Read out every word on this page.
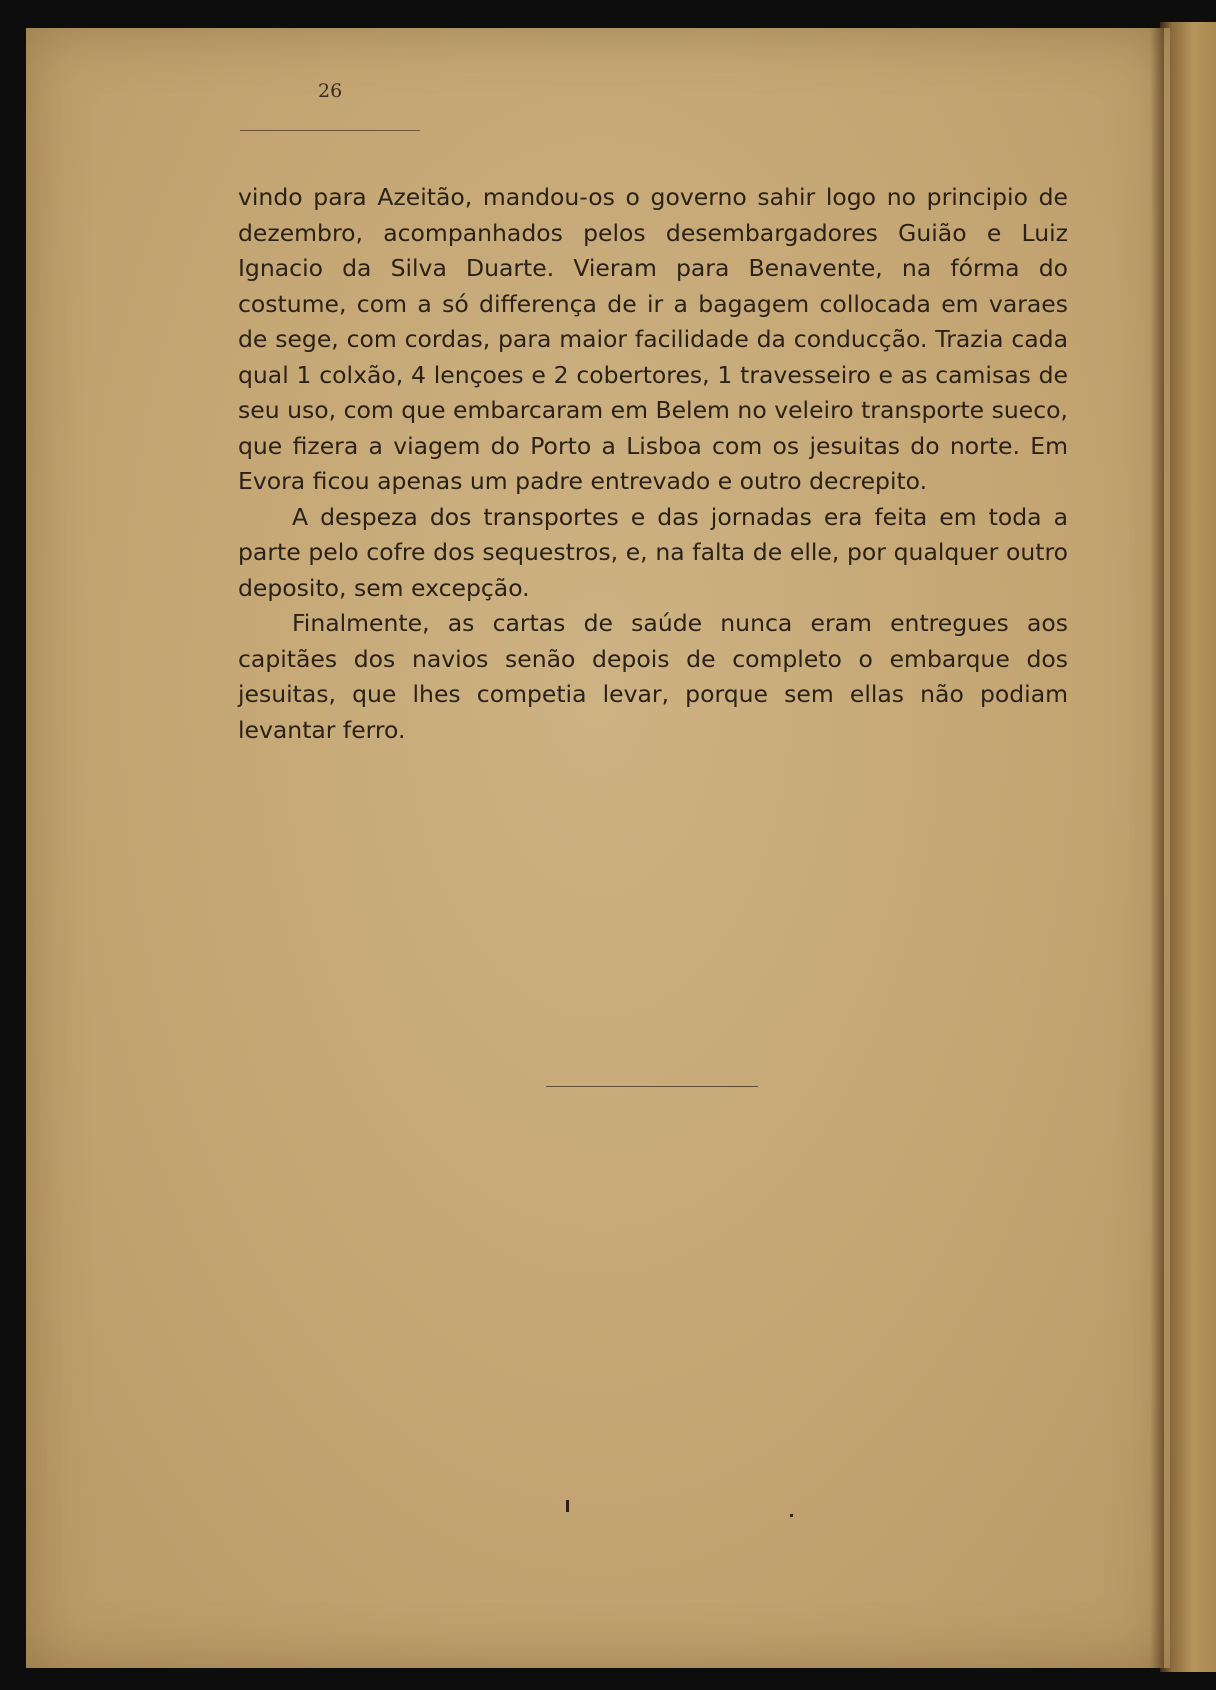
26

vindo para Azeitão, mandou-os o governo sahir logo no principio de dezembro, acompanhados pelos desembargadores Guião e Luiz Ignacio da Silva Duarte. Vieram para Benavente, na fórma do costume, com a só differença de ir a bagagem collocada em varaes de sege, com cordas, para maior facilidade da conducção. Trazia cada qual 1 colxão, 4 lençoes e 2 cobertores, 1 travesseiro e as camisas de seu uso, com que embarcaram em Belem no veleiro transporte sueco, que fizera a viagem do Porto a Lisboa com os jesuitas do norte. Em Evora ficou apenas um padre entrevado e outro decrepito.

A despeza dos transportes e das jornadas era feita em toda a parte pelo cofre dos sequestros, e, na falta de elle, por qualquer outro deposito, sem excepção.

Finalmente, as cartas de saúde nunca eram entregues aos capitães dos navios senão depois de completo o embarque dos jesuitas, que lhes competia levar, porque sem ellas não podiam levantar ferro.
